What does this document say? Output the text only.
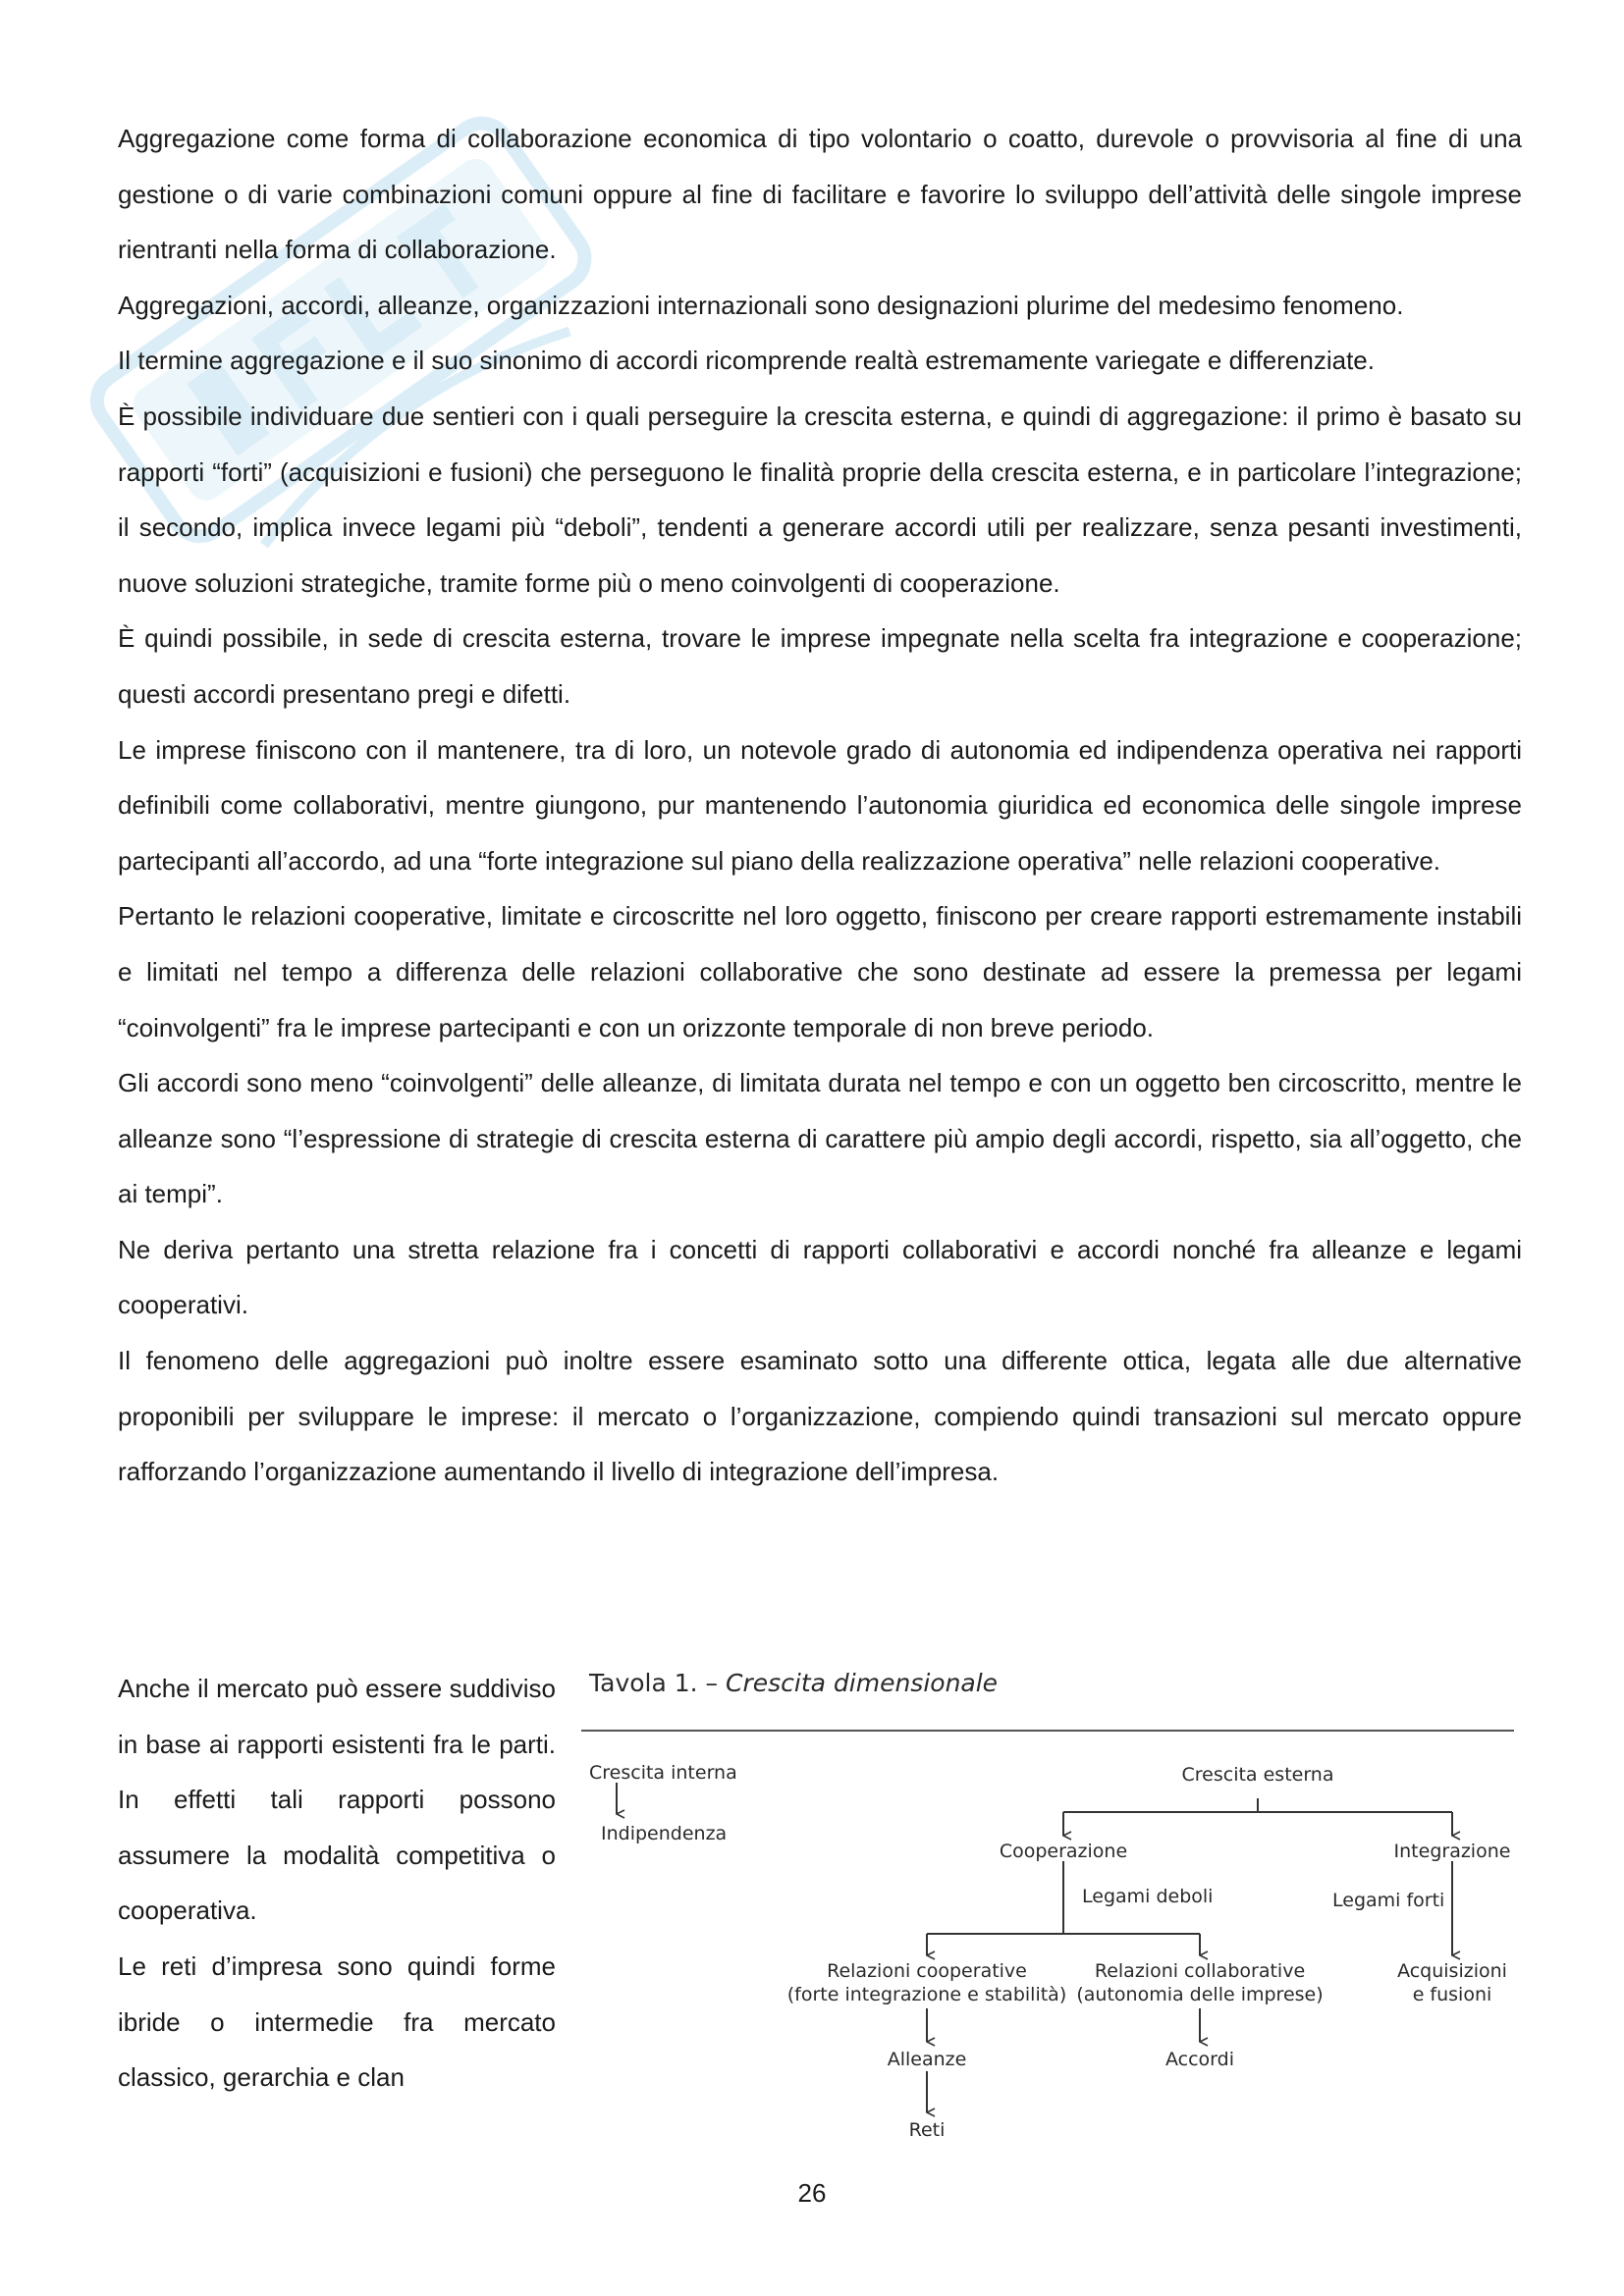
Aggregazione come forma di collaborazione economica di tipo volontario o coatto, durevole o provvisoria al fine di una gestione o di varie combinazioni comuni oppure al fine di facilitare e favorire lo sviluppo dell’attività delle singole imprese rientranti nella forma di collaborazione.

Aggregazioni, accordi, alleanze, organizzazioni internazionali sono designazioni plurime del medesimo fenomeno.

Il termine aggregazione e il suo sinonimo di accordi ricomprende realtà estremamente variegate e differenziate.

È possibile individuare due sentieri con i quali perseguire la crescita esterna, e quindi di aggregazione: il primo è basato su rapporti “forti” (acquisizioni e fusioni) che perseguono le finalità proprie della crescita esterna, e in particolare l’integrazione; il secondo, implica invece legami più “deboli”, tendenti a generare accordi utili per realizzare, senza pesanti investimenti, nuove soluzioni strategiche, tramite forme più o meno coinvolgenti di cooperazione.

È quindi possibile, in sede di crescita esterna, trovare le imprese impegnate nella scelta fra integrazione e cooperazione; questi accordi presentano pregi e difetti.

Le imprese finiscono con il mantenere, tra di loro, un notevole grado di autonomia ed indipendenza operativa nei rapporti definibili come collaborativi, mentre giungono, pur mantenendo l’autonomia giuridica ed economica delle singole imprese partecipanti all’accordo, ad una “forte integrazione sul piano della realizzazione operativa” nelle relazioni cooperative.

Pertanto le relazioni cooperative, limitate e circoscritte nel loro oggetto, finiscono per creare rapporti estremamente instabili e limitati nel tempo a differenza delle relazioni collaborative che sono destinate ad essere la premessa per legami “coinvolgenti” fra le imprese partecipanti e con un orizzonte temporale di non breve periodo.

Gli accordi sono meno “coinvolgenti” delle alleanze, di limitata durata nel tempo e con un oggetto ben circoscritto, mentre le alleanze sono “l’espressione di strategie di crescita esterna di carattere più ampio degli accordi, rispetto, sia all’oggetto, che ai tempi”.

Ne deriva pertanto una stretta relazione fra i concetti di rapporti collaborativi e accordi nonché fra alleanze e legami cooperativi.

Il fenomeno delle aggregazioni può inoltre essere esaminato sotto una differente ottica, legata alle due alternative proponibili per sviluppare le imprese: il mercato o l’organizzazione, compiendo quindi transazioni sul mercato oppure rafforzando l’organizzazione aumentando il livello di integrazione dell’impresa.

Anche il mercato può essere suddiviso in base ai rapporti esistenti fra le parti. In effetti tali rapporti possono assumere la modalità competitiva o cooperativa.

Le reti d’impresa sono quindi forme ibride o intermedie fra mercato classico, gerarchia e clan

Tavola 1. – Crescita dimensionale
Crescita interna
Indipendenza
Crescita esterna
Cooperazione	Integrazione
Legami deboli	Legami forti
Relazioni cooperative
(forte integrazione e stabilità)
Relazioni collaborative
(autonomia delle imprese)
Acquisizioni
e fusioni
Alleanze	Accordi
Reti
26
